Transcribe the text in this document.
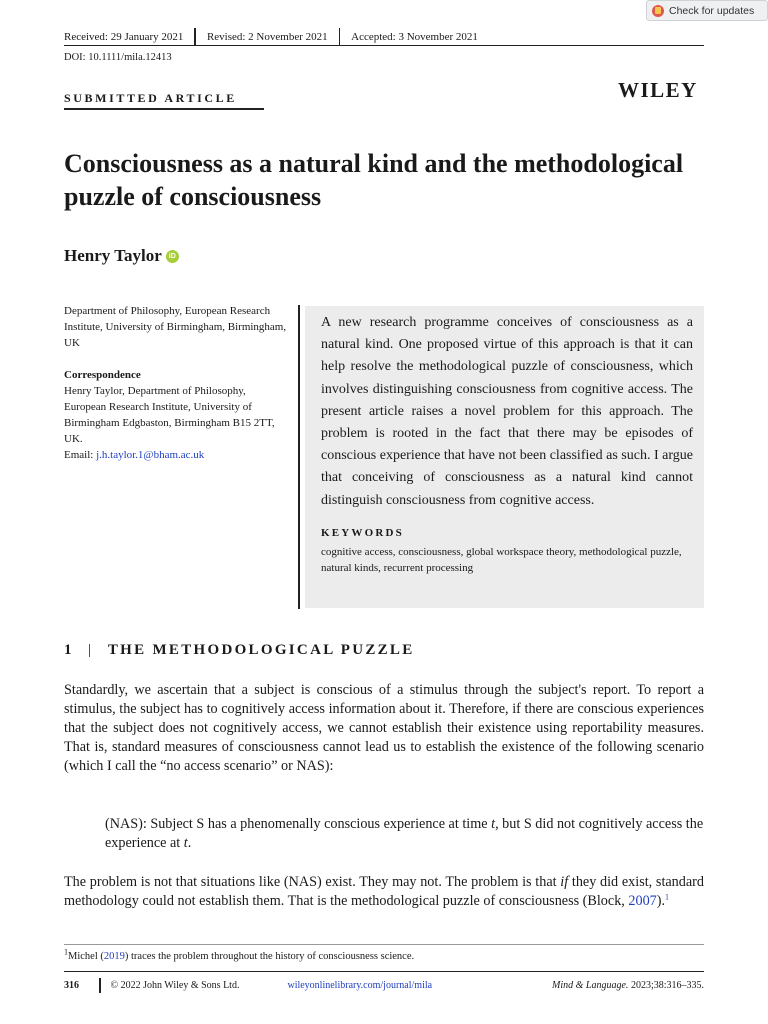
Check for updates
Received: 29 January 2021 Revised: 2 November 2021 Accepted: 3 November 2021
DOI: 10.1111/mila.12413
SUBMITTED ARTICLE	WILEY
Consciousness as a natural kind and the methodological puzzle of consciousness
Henry Taylor	iD

Department of Philosophy, European Research Institute, University of Birmingham, Birmingham, UK

Correspondence
Henry Taylor, Department of Philosophy, European Research Institute, University of Birmingham Edgbaston, Birmingham B15 2TT, UK.
Email: j.h.taylor.1@bham.ac.uk

A new research programme conceives of consciousness as a natural kind. One proposed virtue of this approach is that it can help resolve the methodological puzzle of consciousness, which involves distinguishing consciousness from cognitive access. The present article raises a novel problem for this approach. The problem is rooted in the fact that there may be episodes of conscious experience that have not been classified as such. I argue that conceiving of consciousness as a natural kind cannot distinguish consciousness from cognitive access.
KEYWORDS
cognitive access, consciousness, global workspace theory, methodological puzzle, natural kinds, recurrent processing
1 | THE METHODOLOGICAL PUZZLE
Standardly, we ascertain that a subject is conscious of a stimulus through the subject's report. To report a stimulus, the subject has to cognitively access information about it. Therefore, if there are conscious experiences that the subject does not cognitively access, we cannot establish their existence using reportability measures. That is, standard measures of consciousness cannot lead us to establish the existence of the following scenario (which I call the “no access scenario” or NAS):
(NAS): Subject S has a phenomenally conscious experience at time t, but S did not cognitively access the experience at t.
The problem is not that situations like (NAS) exist. They may not. The problem is that if they did exist, standard methodology could not establish them. That is the methodological puzzle of consciousness (Block, 2007).$^1$
$^1$Michel (2019) traces the problem throughout the history of consciousness science.
316	© 2022 John Wiley & Sons Ltd.	wileyonlinelibrary.com/journal/mila	Mind & Language. 2023;38:316–335.
